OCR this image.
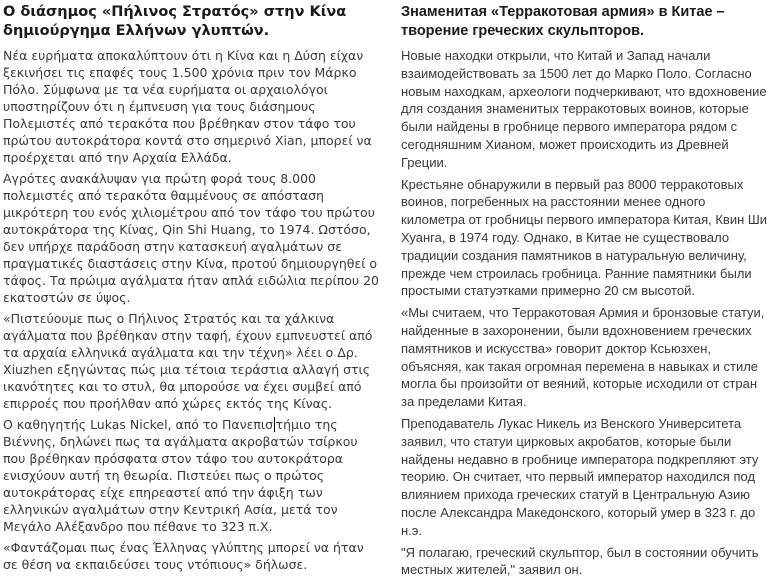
Ο διάσημος «Πήλινος Στρατός» στην Κίνα δημιούργημα Ελλήνων γλυπτών.

Νέα ευρήματα αποκαλύπτουν ότι η Κίνα και η Δύση είχαν ξεκινήσει τις επαφές τους 1.500 χρόνια πριν τον Μάρκο Πόλο. Σύμφωνα με τα νέα ευρήματα οι αρχαιολόγοι υποστηρίζουν ότι η έμπνευση για τους διάσημους Πολεμιστές από τερακότα που βρέθηκαν στον τάφο του πρώτου αυτοκράτορα κοντά στο σημερινό Xian, μπορεί να προέρχεται από την Αρχαία Ελλάδα.

Αγρότες ανακάλυψαν για πρώτη φορά τους 8.000 πολεμιστές από τερακότα θαμμένους σε απόσταση μικρότερη του ενός χιλιομέτρου από τον τάφο του πρώτου αυτοκράτορα της Κίνας, Qin Shi Huang, το 1974. Ωστόσο, δεν υπήρχε παράδοση στην κατασκευή αγαλμάτων σε πραγματικές διαστάσεις στην Κίνα, προτού δημιουργηθεί ο τάφος. Τα πρώιμα αγάλματα ήταν απλά ειδώλια περίπου 20 εκατοστών σε ύψος.

«Πιστεύουμε πως ο Πήλινος Στρατός και τα χάλκινα αγάλματα που βρέθηκαν στην ταφή, έχουν εμπνευστεί από τα αρχαία ελληνικά αγάλματα και την τέχνη» λέει ο Δρ. Xiuzhen εξηγώντας πώς μια τέτοια τεράστια αλλαγή στις ικανότητες και το στυλ, θα μπορούσε να έχει συμβεί από επιρροές που προήλθαν από χώρες εκτός της Κίνας.

Ο καθηγητής Lukas Nickel, από το Πανεπισ τήμιο της Βιέννης, δηλώνει πως τα αγάλματα ακροβατών τσίρκου που βρέθηκαν πρόσφατα στον τάφο του αυτοκράτορα ενισχύουν αυτή τη θεωρία. Πιστεύει πως ο πρώτος αυτοκράτορας είχε επηρεαστεί από την άφιξη των ελληνικών αγαλμάτων στην Κεντρική Ασία, μετά τον Μεγάλο Αλέξανδρο που πέθανε το 323 π.Χ.

«Φαντάζομαι πως ένας Έλληνας γλύπτης μπορεί να ήταν σε θέση να εκπαιδεύσει τους ντόπιους» δήλωσε.

Знаменитая «Терракотовая армия» в Китае – творение греческих скульпторов.

Новые находки открыли, что Китай и Запад начали взаимодействовать за 1500 лет до Марко Поло. Согласно новым находкам, археологи подчеркивают, что вдохновение для создания знаменитых терракотовых воинов, которые были найдены в гробнице первого императора рядом с сегодняшним Хианом, может происходить из Древней Греции.

Крестьяне обнаружили в первый раз 8000 терракотовых воинов, погребенных на расстоянии менее одного километра от гробницы первого императора Китая, Квин Ши Хуанга, в 1974 году. Однако, в Китае не существовало традиции создания памятников в натуральную величину, прежде чем строилась гробница. Ранние памятники были простыми статуэтками примерно 20 см высотой.

«Мы считаем, что Терракотовая Армия и бронзовые статуи, найденные в захоронении, были вдохновением греческих памятников и искусства» говорит доктор Ксьюзхен, объясняя, как такая огромная перемена в навыках и стиле могла бы произойти от веяний, которые исходили от стран за пределами Китая.

Преподаватель Лукас Никель из Венского Университета заявил, что статуи цирковых акробатов, которые были найдены недавно в гробнице императора подкрепляют эту теорию. Он считает, что первый император находился под влиянием прихода греческих статуй в Центральную Азию после Александра Македонского, который умер в 323 г. до н.э.

"Я полагаю, греческий скульптор, был в состоянии обучить местных жителей," заявил он.
